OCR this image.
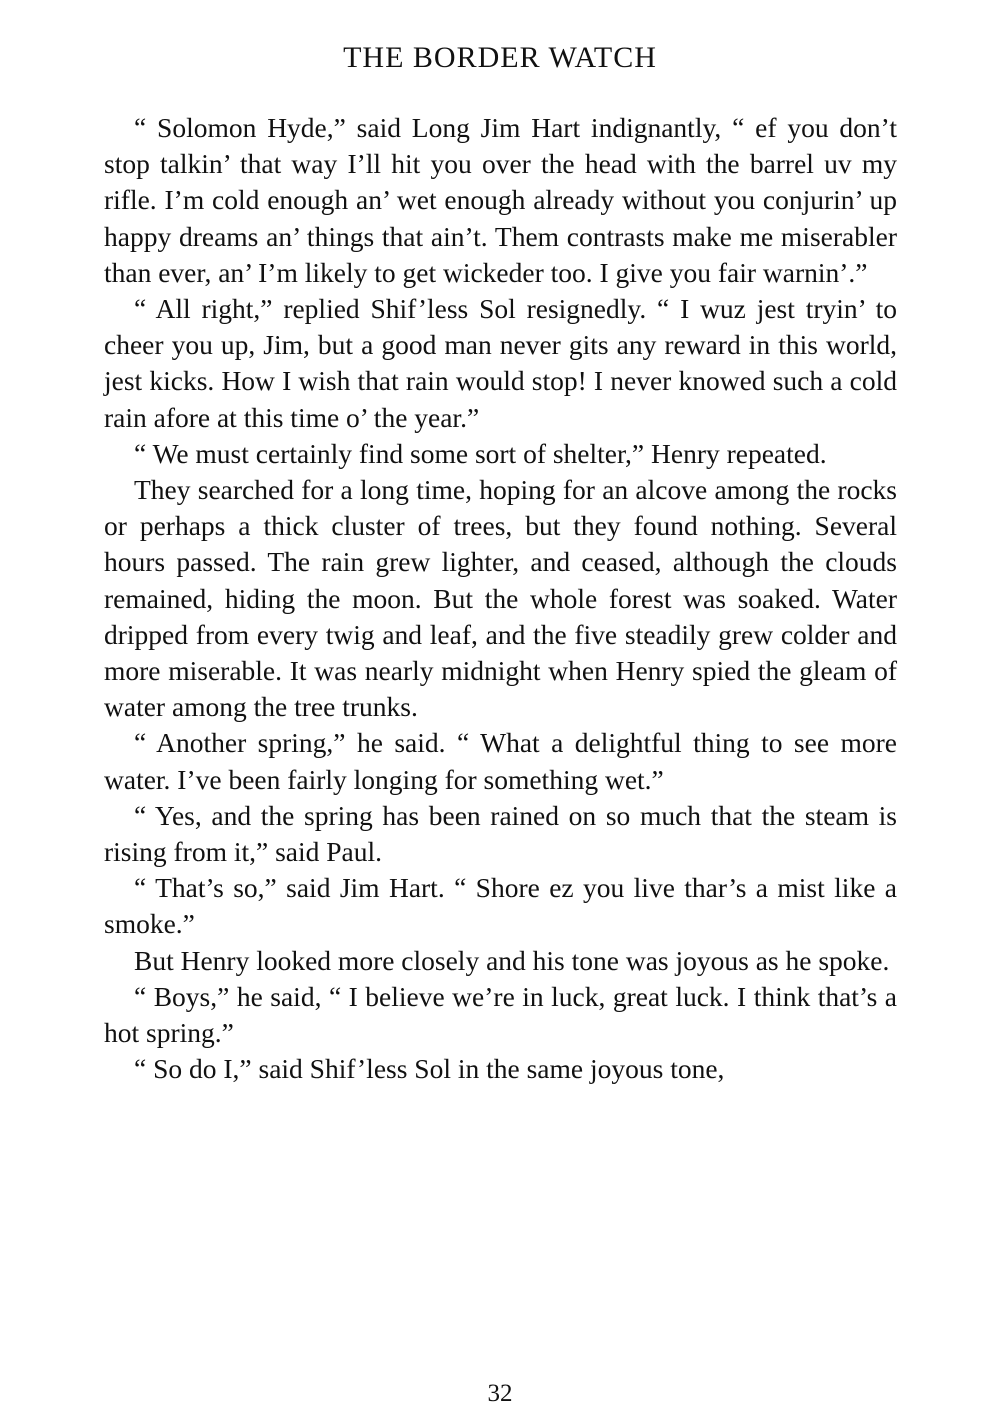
THE BORDER WATCH

“ Solomon Hyde,” said Long Jim Hart indignantly, “ ef you don’t stop talkin’ that way I’ll hit you over the head with the barrel uv my rifle. I’m cold enough an’ wet enough already without you conjurin’ up happy dreams an’ things that ain’t. Them contrasts make me miserabler than ever, an’ I’m likely to get wickeder too. I give you fair warnin’.”

“ All right,” replied Shif’less Sol resignedly. “ I wuz jest tryin’ to cheer you up, Jim, but a good man never gits any reward in this world, jest kicks. How I wish that rain would stop! I never knowed such a cold rain afore at this time o’ the year.”

“ We must certainly find some sort of shelter,” Henry repeated.

They searched for a long time, hoping for an alcove among the rocks or perhaps a thick cluster of trees, but they found nothing. Several hours passed. The rain grew lighter, and ceased, although the clouds remained, hiding the moon. But the whole forest was soaked. Water dripped from every twig and leaf, and the five steadily grew colder and more miserable. It was nearly midnight when Henry spied the gleam of water among the tree trunks.

“ Another spring,” he said. “ What a delightful thing to see more water. I’ve been fairly longing for something wet.”

“ Yes, and the spring has been rained on so much that the steam is rising from it,” said Paul.

“ That’s so,” said Jim Hart. “ Shore ez you live thar’s a mist like a smoke.”

But Henry looked more closely and his tone was joyous as he spoke.

“ Boys,” he said, “ I believe we’re in luck, great luck. I think that’s a hot spring.”

“ So do I,” said Shif’less Sol in the same joyous tone,

32
